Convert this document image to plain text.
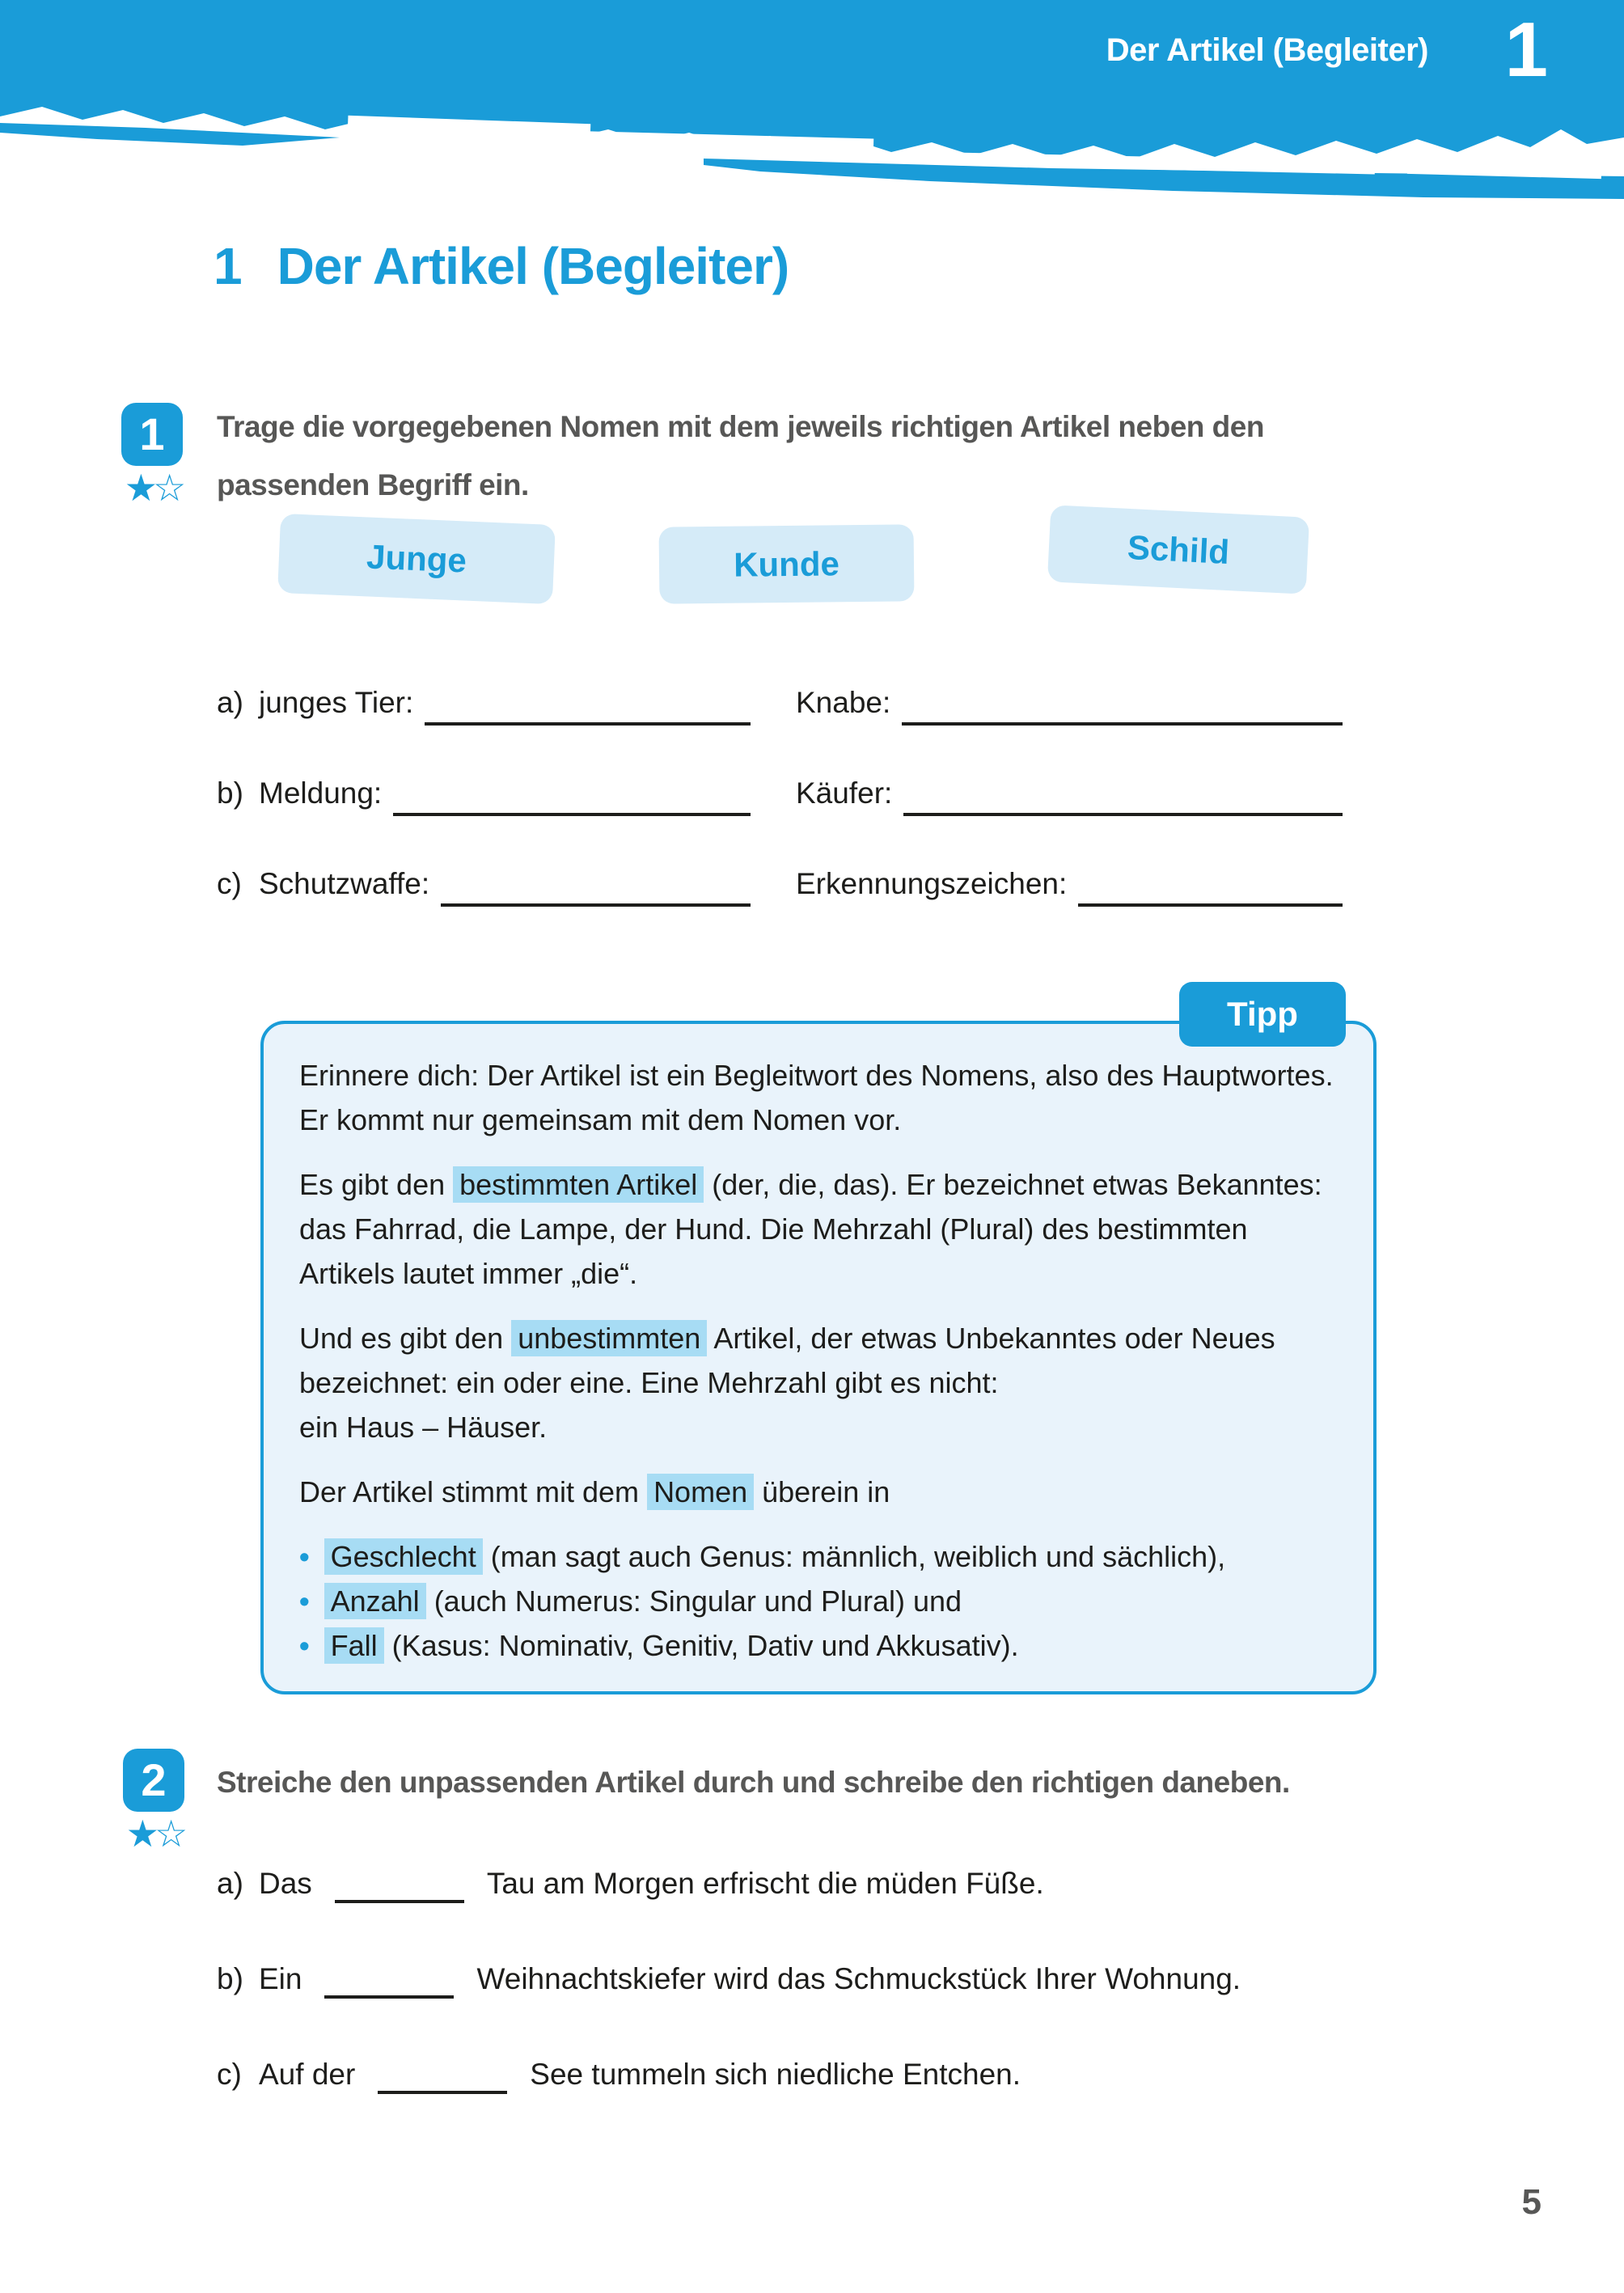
Der Artikel (Begleiter) 1
1 Der Artikel (Begleiter)
1
★☆
Trage die vorgegebenen Nomen mit dem jeweils richtigen Artikel neben den passenden Begriff ein.
Junge	Kunde	Schild
a) junges Tier:	Knabe:
b) Meldung:	Käufer:
c) Schutzwaffe:	Erkennungszeichen:
Tipp

Erinnere dich: Der Artikel ist ein Begleitwort des Nomens, also des Hauptwortes. Er kommt nur gemeinsam mit dem Nomen vor.

Es gibt den bestimmten Artikel (der, die, das). Er bezeichnet etwas Bekanntes: das Fahrrad, die Lampe, der Hund. Die Mehrzahl (Plural) des bestimmten Artikels lautet immer „die“.

Und es gibt den unbestimmten Artikel, der etwas Unbekanntes oder Neues bezeichnet: ein oder eine. Eine Mehrzahl gibt es nicht:
ein Haus – Häuser.

Der Artikel stimmt mit dem Nomen überein in

• Geschlecht (man sagt auch Genus: männlich, weiblich und sächlich),
• Anzahl (auch Numerus: Singular und Plural) und
• Fall (Kasus: Nominativ, Genitiv, Dativ und Akkusativ).
2
★☆
Streiche den unpassenden Artikel durch und schreibe den richtigen daneben.
a) Das	Tau am Morgen erfrischt die müden Füße.
b) Ein	Weihnachtskiefer wird das Schmuckstück Ihrer Wohnung.
c) Auf der	See tummeln sich niedliche Entchen.
5
